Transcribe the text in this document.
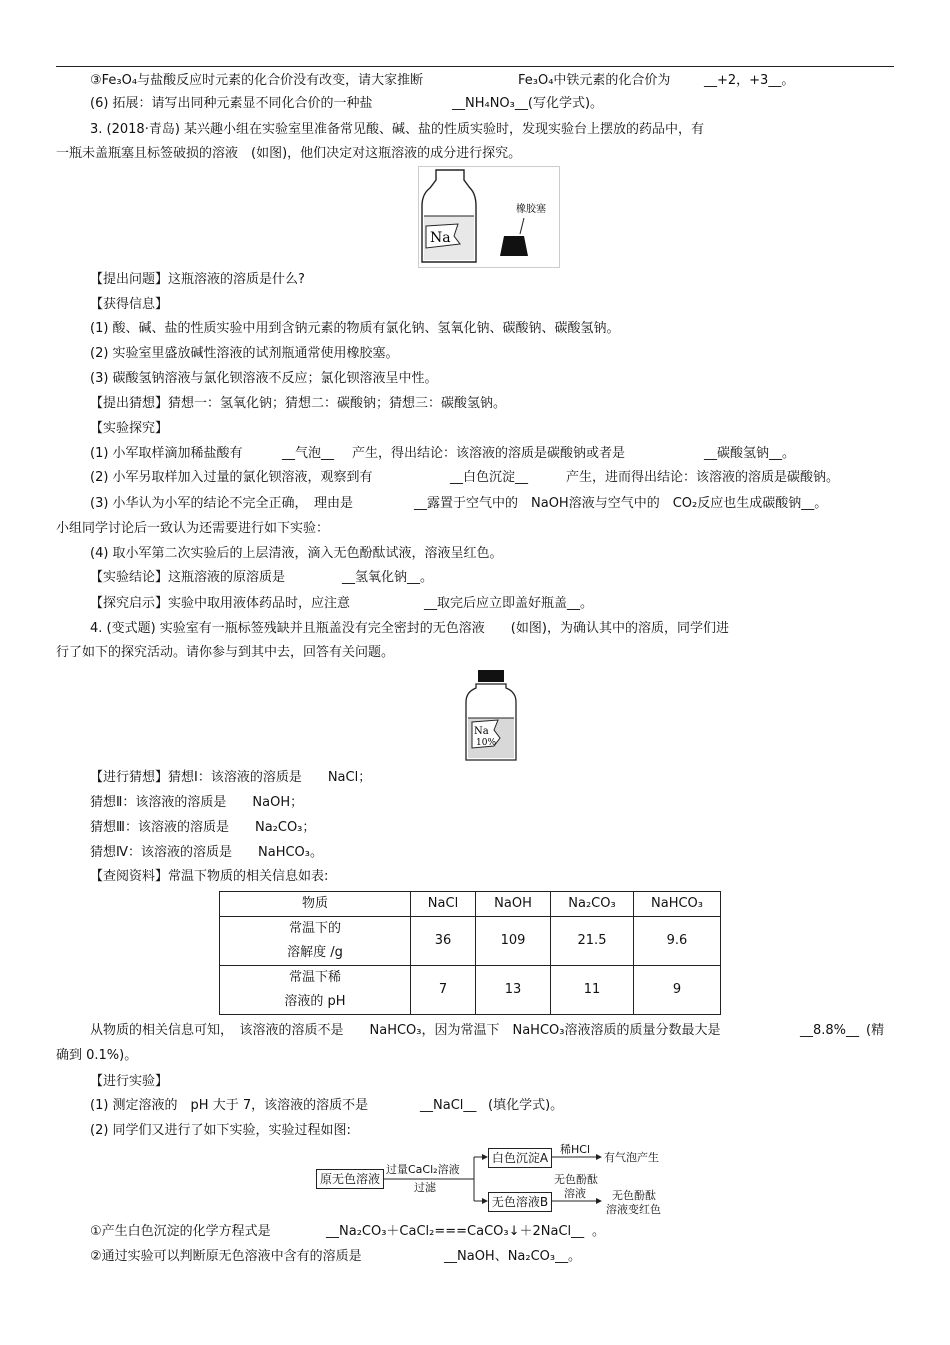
③Fe₃O₄与盐酸反应时元素的化合价没有改变，请大家推断	Fe₃O₄中铁元素的化合价为	__+2，+3__。
(6) 拓展：请写出同种元素显不同化合价的一种盐	__NH₄NO₃__(写化学式)。
3. (2018·青岛) 某兴趣小组在实验室里准备常见酸、碱、盐的性质实验时，发现实验台上摆放的药品中，有
一瓶未盖瓶塞且标签破损的溶液　(如图)，他们决定对这瓶溶液的成分进行探究。
Na
橡胶塞
【提出问题】这瓶溶液的溶质是什么?
【获得信息】
(1) 酸、碱、盐的性质实验中用到含钠元素的物质有氯化钠、氢氧化钠、碳酸钠、碳酸氢钠。
(2) 实验室里盛放碱性溶液的试剂瓶通常使用橡胶塞。
(3) 碳酸氢钠溶液与氯化钡溶液不反应；氯化钡溶液呈中性。
【提出猜想】猜想一：氢氧化钠；猜想二：碳酸钠；猜想三：碳酸氢钠。
【实验探究】
(1) 小军取样滴加稀盐酸有	__气泡__ 产生，得出结论：该溶液的溶质是碳酸钠或者是	__碳酸氢钠__。
(2) 小军另取样加入过量的氯化钡溶液，观察到有	__白色沉淀__	产生，进而得出结论：该溶液的溶质是碳酸钠。
(3) 小华认为小军的结论不完全正确，　理由是	__露置于空气中的　NaOH溶液与空气中的　CO₂反应也生成碳酸钠__。
小组同学讨论后一致认为还需要进行如下实验：
(4) 取小军第二次实验后的上层清液，滴入无色酚酞试液，溶液呈红色。
【实验结论】这瓶溶液的原溶质是	__氢氧化钠__。
【探究启示】实验中取用液体药品时，应注意	__取完后应立即盖好瓶盖__。
4. (变式题) 实验室有一瓶标签残缺并且瓶盖没有完全密封的无色溶液　　(如图)，为确认其中的溶质，同学们进
行了如下的探究活动。请你参与到其中去，回答有关问题。
Na
10%
【进行猜想】猜想Ⅰ：该溶液的溶质是　　NaCl；
猜想Ⅱ：该溶液的溶质是　　NaOH；
猜想Ⅲ：该溶液的溶质是　　Na₂CO₃；
猜想Ⅳ：该溶液的溶质是　　NaHCO₃。
【查阅资料】常温下物质的相关信息如表:
物质	NaCl	NaOH	Na₂CO₃	NaHCO₃

常温下的
溶解度 /g	36	109	21.5	9.6

常温下稀
溶液的 pH	7	13	11	9
从物质的相关信息可知，　该溶液的溶质不是　　NaHCO₃，因为常温下　NaHCO₃溶液溶质的质量分数最大是　	__8.8%__ (精
确到 0.1%)。
【进行实验】
(1) 测定溶液的　pH 大于 7，该溶液的溶质不是	__NaCl__ (填化学式)。
(2) 同学们又进行了如下实验，实验过程如图:
原无色溶液
过量CaCl₂溶液
过滤
白色沉淀A
稀HCl
有气泡产生
无色溶液B
无色酚酞
溶液 无色酚酞
溶液变红色
①产生白色沉淀的化学方程式是	__Na₂CO₃＋CaCl₂===CaCO₃↓＋2NaCl__ 。
②通过实验可以判断原无色溶液中含有的溶质是	__NaOH、Na₂CO₃__ 。
